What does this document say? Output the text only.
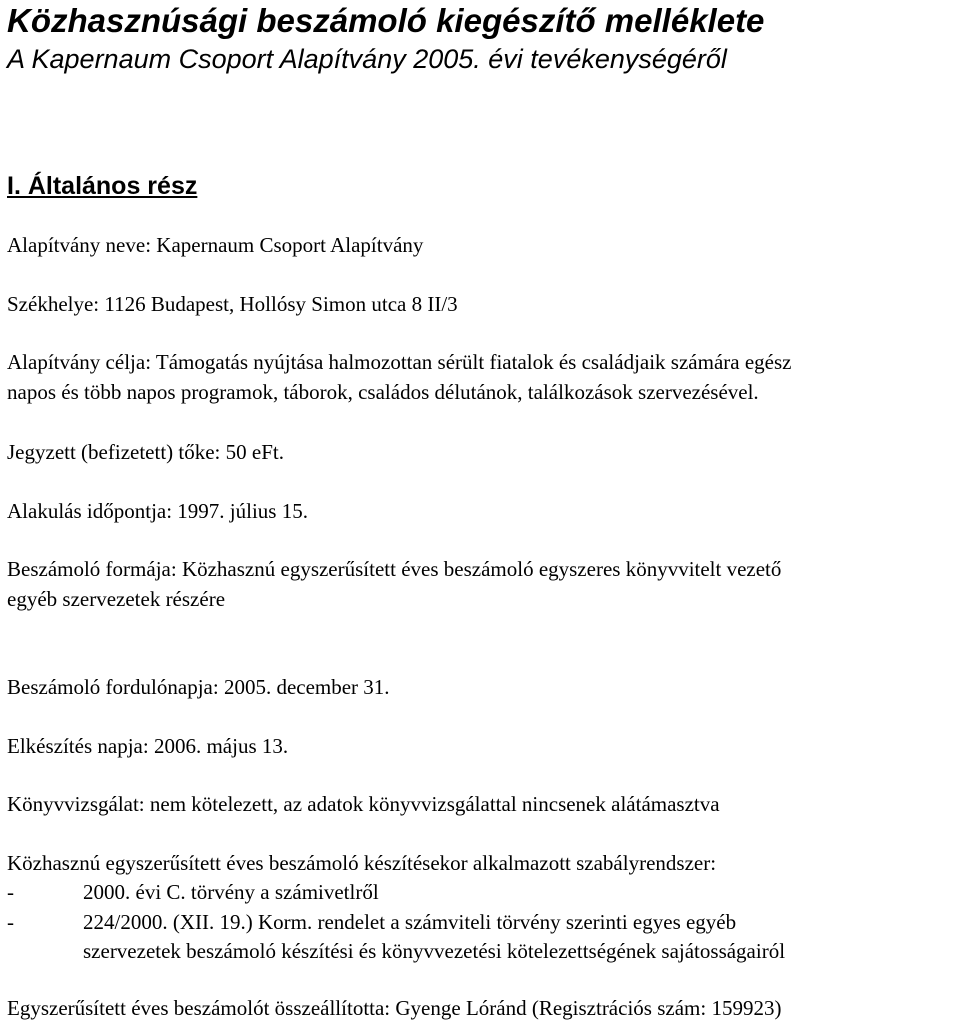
Közhasznúsági beszámoló kiegészítő melléklete
A Kapernaum Csoport Alapítvány 2005. évi tevékenységéről
I. Általános rész
Alapítvány neve: Kapernaum Csoport Alapítvány
Székhelye: 1126 Budapest, Hollósy Simon utca 8 II/3
Alapítvány célja: Támogatás nyújtása halmozottan sérült fiatalok és családjaik számára egész
napos és több napos programok, táborok, családos délutánok, találkozások szervezésével.
Jegyzett (befizetett) tőke: 50 eFt.
Alakulás időpontja: 1997. július 15.
Beszámoló formája: Közhasznú egyszerűsített éves beszámoló egyszeres könyvvitelt vezető
egyéb szervezetek részére
Beszámoló fordulónapja: 2005. december 31.
Elkészítés napja: 2006. május 13.
Könyvvizsgálat: nem kötelezett, az adatok könyvvizsgálattal nincsenek alátámasztva
Közhasznú egyszerűsített éves beszámoló készítésekor alkalmazott szabályrendszer:
-	2000. évi C. törvény a számivetlről
-	224/2000. (XII. 19.) Korm. rendelet a számviteli törvény szerinti egyes egyéb
szervezetek beszámoló készítési és könyvvezetési kötelezettségének sajátosságairól
Egyszerűsített éves beszámolót összeállította: Gyenge Lóránd (Regisztrációs szám: 159923)
